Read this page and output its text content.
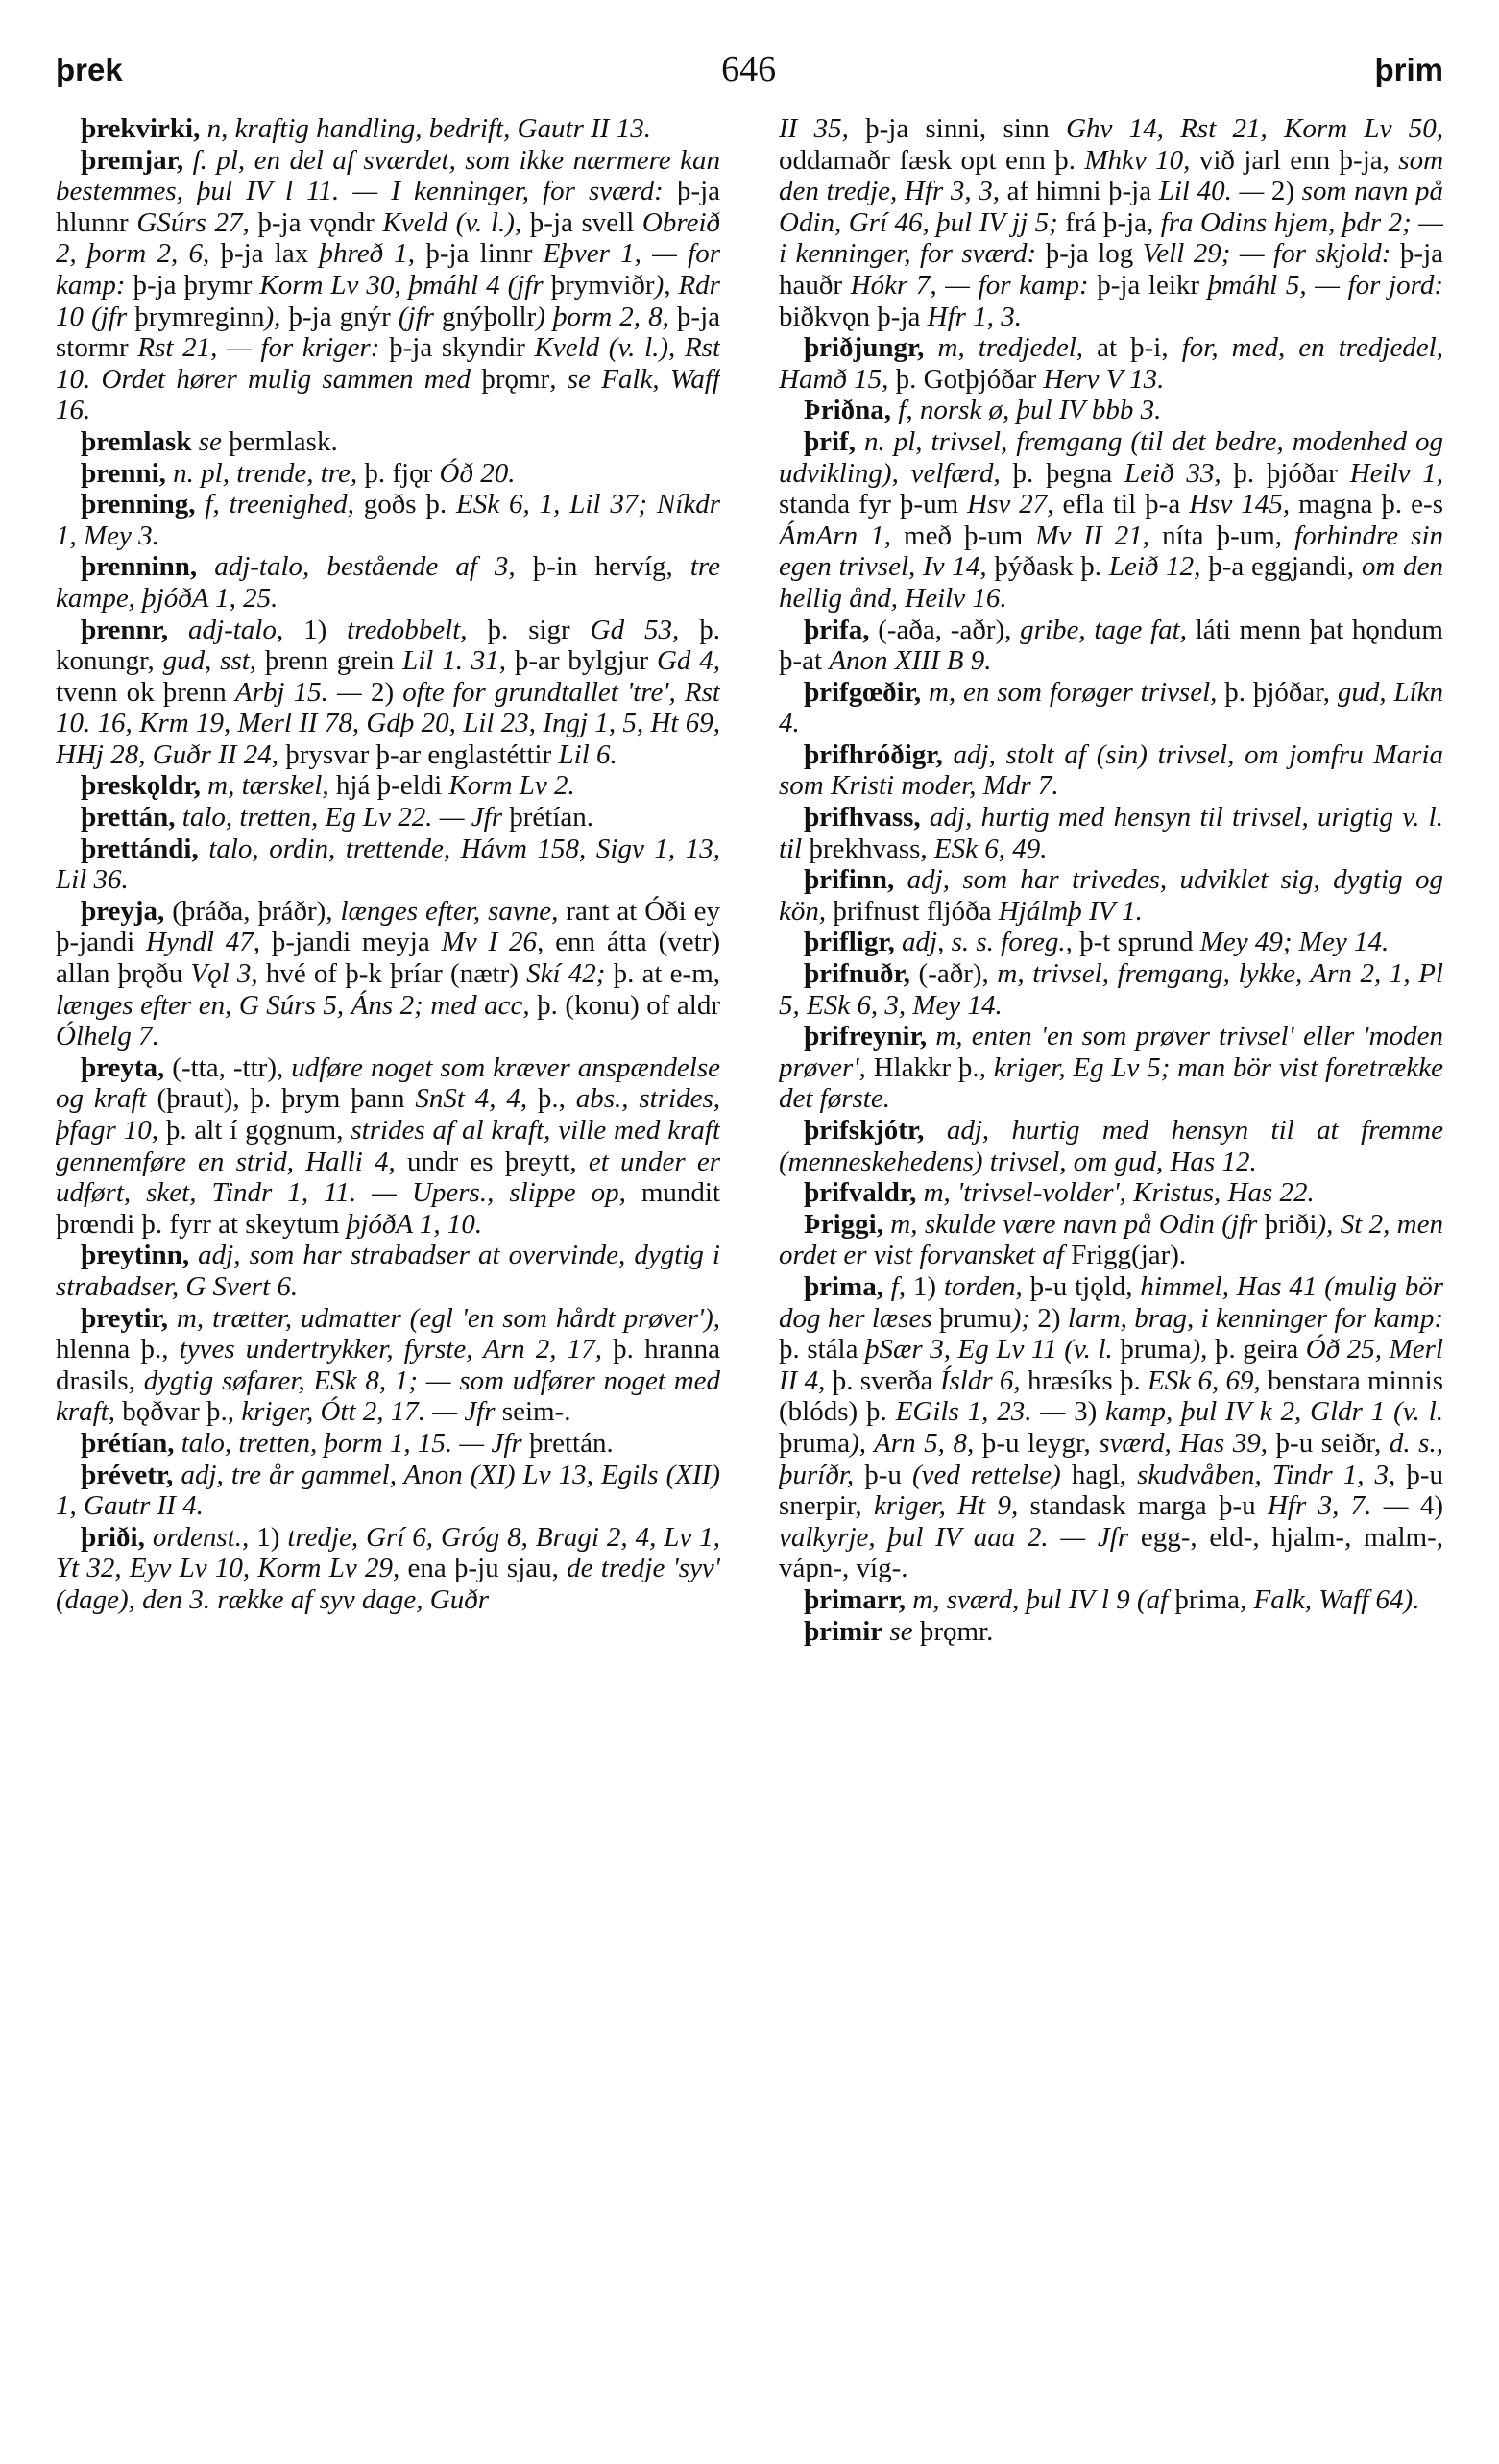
þrek	646	þrim

þrekvirki, n, kraftig handling, bedrift, Gautr II 13.

þremjar, f. pl, en del af sværdet, som ikke nærmere kan bestemmes, þul IV l 11. — I kenninger, for sværd: þ-ja hlunnr GSúrs 27, þ-ja vǫndr Kveld (v. l.), þ-ja svell Obreið 2, þorm 2, 6, þ-ja lax þhreð 1, þ-ja linnr Eþver 1, — for kamp: þ-ja þrymr Korm Lv 30, þmáhl 4 (jfr þrymviðr), Rdr 10 (jfr þrymreginn), þ-ja gnýr (jfr gnýþollr) þorm 2, 8, þ-ja stormr Rst 21, — for kriger: þ-ja skyndir Kveld (v. l.), Rst 10. Ordet hører mulig sammen med þrǫmr, se Falk, Waff 16.

þremlask se þermlask.

þrenni, n. pl, trende, tre, þ. fjǫr Óð 20.

þrenning, f, treenighed, goðs þ. ESk 6, 1, Lil 37; Níkdr 1, Mey 3.

þrenninn, adj-talo, bestående af 3, þ-in hervíg, tre kampe, þjóðA 1, 25.

þrennr, adj-talo, 1) tredobbelt, þ. sigr Gd 53, þ. konungr, gud, sst, þrenn grein Lil 1. 31, þ-ar bylgjur Gd 4, tvenn ok þrenn Arbj 15. — 2) ofte for grundtallet 'tre', Rst 10. 16, Krm 19, Merl II 78, Gdþ 20, Lil 23, Ingj 1, 5, Ht 69, HHj 28, Guðr II 24, þrysvar þ-ar englastéttir Lil 6.

þreskǫldr, m, tærskel, hjá þ-eldi Korm Lv 2.

þrettán, talo, tretten, Eg Lv 22. — Jfr þrétían.

þrettándi, talo, ordin, trettende, Hávm 158, Sigv 1, 13, Lil 36.

þreyja, (þráða, þráðr), længes efter, savne, rant at Óði ey þ-jandi Hyndl 47, þ-jandi meyja Mv I 26, enn átta (vetr) allan þrǫðu Vǫl 3, hvé of þ-k þríar (nætr) Skí 42; þ. at e-m, længes efter en, G Súrs 5, Áns 2; med acc, þ. (konu) of aldr Ólhelg 7.

þreyta, (-tta, -ttr), udføre noget som kræver anspændelse og kraft (þraut), þ. þrym þann SnSt 4, 4, þ., abs., strides, þfagr 10, þ. alt í gǫgnum, strides af al kraft, ville med kraft gennemføre en strid, Halli 4, undr es þreytt, et under er udført, sket, Tindr 1, 11. — Upers., slippe op, mundit þrœndi þ. fyrr at skeytum þjóðA 1, 10.

þreytinn, adj, som har strabadser at overvinde, dygtig i strabadser, G Svert 6.

þreytir, m, trætter, udmatter (egl 'en som hårdt prøver'), hlenna þ., tyves undertrykker, fyrste, Arn 2, 17, þ. hranna drasils, dygtig søfarer, ESk 8, 1; — som udfører noget med kraft, bǫðvar þ., kriger, Ótt 2, 17. — Jfr seim-.

þrétían, talo, tretten, þorm 1, 15. — Jfr þrettán.

þrévetr, adj, tre år gammel, Anon (XI) Lv 13, Egils (XII) 1, Gautr II 4.

þriði, ordenst., 1) tredje, Grí 6, Gróg 8, Bragi 2, 4, Lv 1, Yt 32, Eyv Lv 10, Korm Lv 29, ena þ-ju sjau, de tredje 'syv' (dage), den 3. række af syv dage, Guðr

II 35, þ-ja sinni, sinn Ghv 14, Rst 21, Korm Lv 50, oddamaðr fæsk opt enn þ. Mhkv 10, við jarl enn þ-ja, som den tredje, Hfr 3, 3, af himni þ-ja Lil 40. — 2) som navn på Odin, Grí 46, þul IV jj 5; frá þ-ja, fra Odins hjem, þdr 2; — i kenninger, for sværd: þ-ja log Vell 29; — for skjold: þ-ja hauðr Hókr 7, — for kamp: þ-ja leikr þmáhl 5, — for jord: biðkvǫn þ-ja Hfr 1, 3.

þriðjungr, m, tredjedel, at þ-i, for, med, en tredjedel, Hamð 15, þ. Gotþjóðar Herv V 13.

Þriðna, f, norsk ø, þul IV bbb 3.

þrif, n. pl, trivsel, fremgang (til det bedre, modenhed og udvikling), velfærd, þ. þegna Leið 33, þ. þjóðar Heilv 1, standa fyr þ-um Hsv 27, efla til þ-a Hsv 145, magna þ. e-s ÁmArn 1, með þ-um Mv II 21, níta þ-um, forhindre sin egen trivsel, Iv 14, þýðask þ. Leið 12, þ-a eggjandi, om den hellig ånd, Heilv 16.

þrifa, (-aða, -aðr), gribe, tage fat, láti menn þat hǫndum þ-at Anon XIII B 9.

þrifgœðir, m, en som forøger trivsel, þ. þjóðar, gud, Líkn 4.

þrifhróðigr, adj, stolt af (sin) trivsel, om jomfru Maria som Kristi moder, Mdr 7.

þrifhvass, adj, hurtig med hensyn til trivsel, urigtig v. l. til þrekhvass, ESk 6, 49.

þrifinn, adj, som har trivedes, udviklet sig, dygtig og kön, þrifnust fljóða Hjálmþ IV 1.

þrifligr, adj, s. s. foreg., þ-t sprund Mey 49; Mey 14.

þrifnuðr, (-aðr), m, trivsel, fremgang, lykke, Arn 2, 1, Pl 5, ESk 6, 3, Mey 14.

þrifreynir, m, enten 'en som prøver trivsel' eller 'moden prøver', Hlakkr þ., kriger, Eg Lv 5; man bör vist foretrække det første.

þrifskjótr, adj, hurtig med hensyn til at fremme (menneskehedens) trivsel, om gud, Has 12.

þrifvaldr, m, 'trivsel-volder', Kristus, Has 22.

Þriggi, m, skulde være navn på Odin (jfr þriði), St 2, men ordet er vist forvansket af Frigg(jar).

þrima, f, 1) torden, þ-u tjǫld, himmel, Has 41 (mulig bör dog her læses þrumu); 2) larm, brag, i kenninger for kamp: þ. stála þSær 3, Eg Lv 11 (v. l. þruma), þ. geira Óð 25, Merl II 4, þ. sverða Ísldr 6, hræsíks þ. ESk 6, 69, benstara minnis (blóds) þ. EGils 1, 23. — 3) kamp, þul IV k 2, Gldr 1 (v. l. þruma), Arn 5, 8, þ-u leygr, sværd, Has 39, þ-u seiðr, d. s., þuríðr, þ-u (ved rettelse) hagl, skudvåben, Tindr 1, 3, þ-u snerpir, kriger, Ht 9, standask marga þ-u Hfr 3, 7. — 4) valkyrje, þul IV aaa 2. — Jfr egg-, eld-, hjalm-, malm-, vápn-, víg-.

þrimarr, m, sværd, þul IV l 9 (af þrima, Falk, Waff 64).

þrimir se þrǫmr.
